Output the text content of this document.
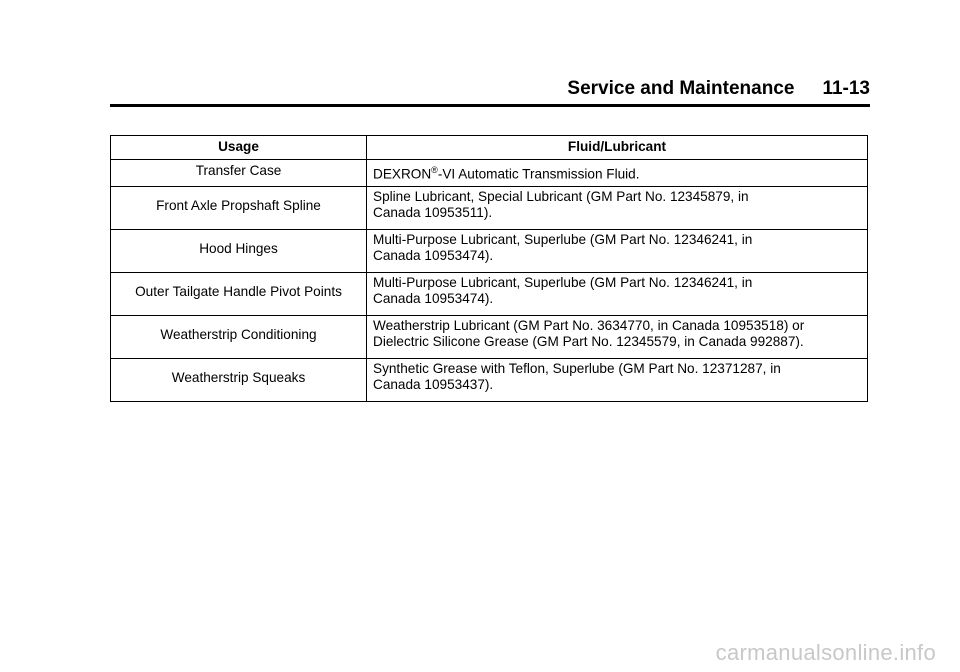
Service and Maintenance 11-13
Usage	Fluid/Lubricant
Transfer Case	DEXRON®-VI Automatic Transmission Fluid.

Front Axle Propshaft Spline	Spline Lubricant, Special Lubricant (GM Part No. 12345879, in
Canada 10953511).

Hood Hinges	Multi-Purpose Lubricant, Superlube (GM Part No. 12346241, in
Canada 10953474).

Outer Tailgate Handle Pivot Points	Multi-Purpose Lubricant, Superlube (GM Part No. 12346241, in
Canada 10953474).

Weatherstrip Conditioning	Weatherstrip Lubricant (GM Part No. 3634770, in Canada 10953518) or
Dielectric Silicone Grease (GM Part No. 12345579, in Canada 992887).

Weatherstrip Squeaks	Synthetic Grease with Teflon, Superlube (GM Part No. 12371287, in
Canada 10953437).
carmanualsonline.info
